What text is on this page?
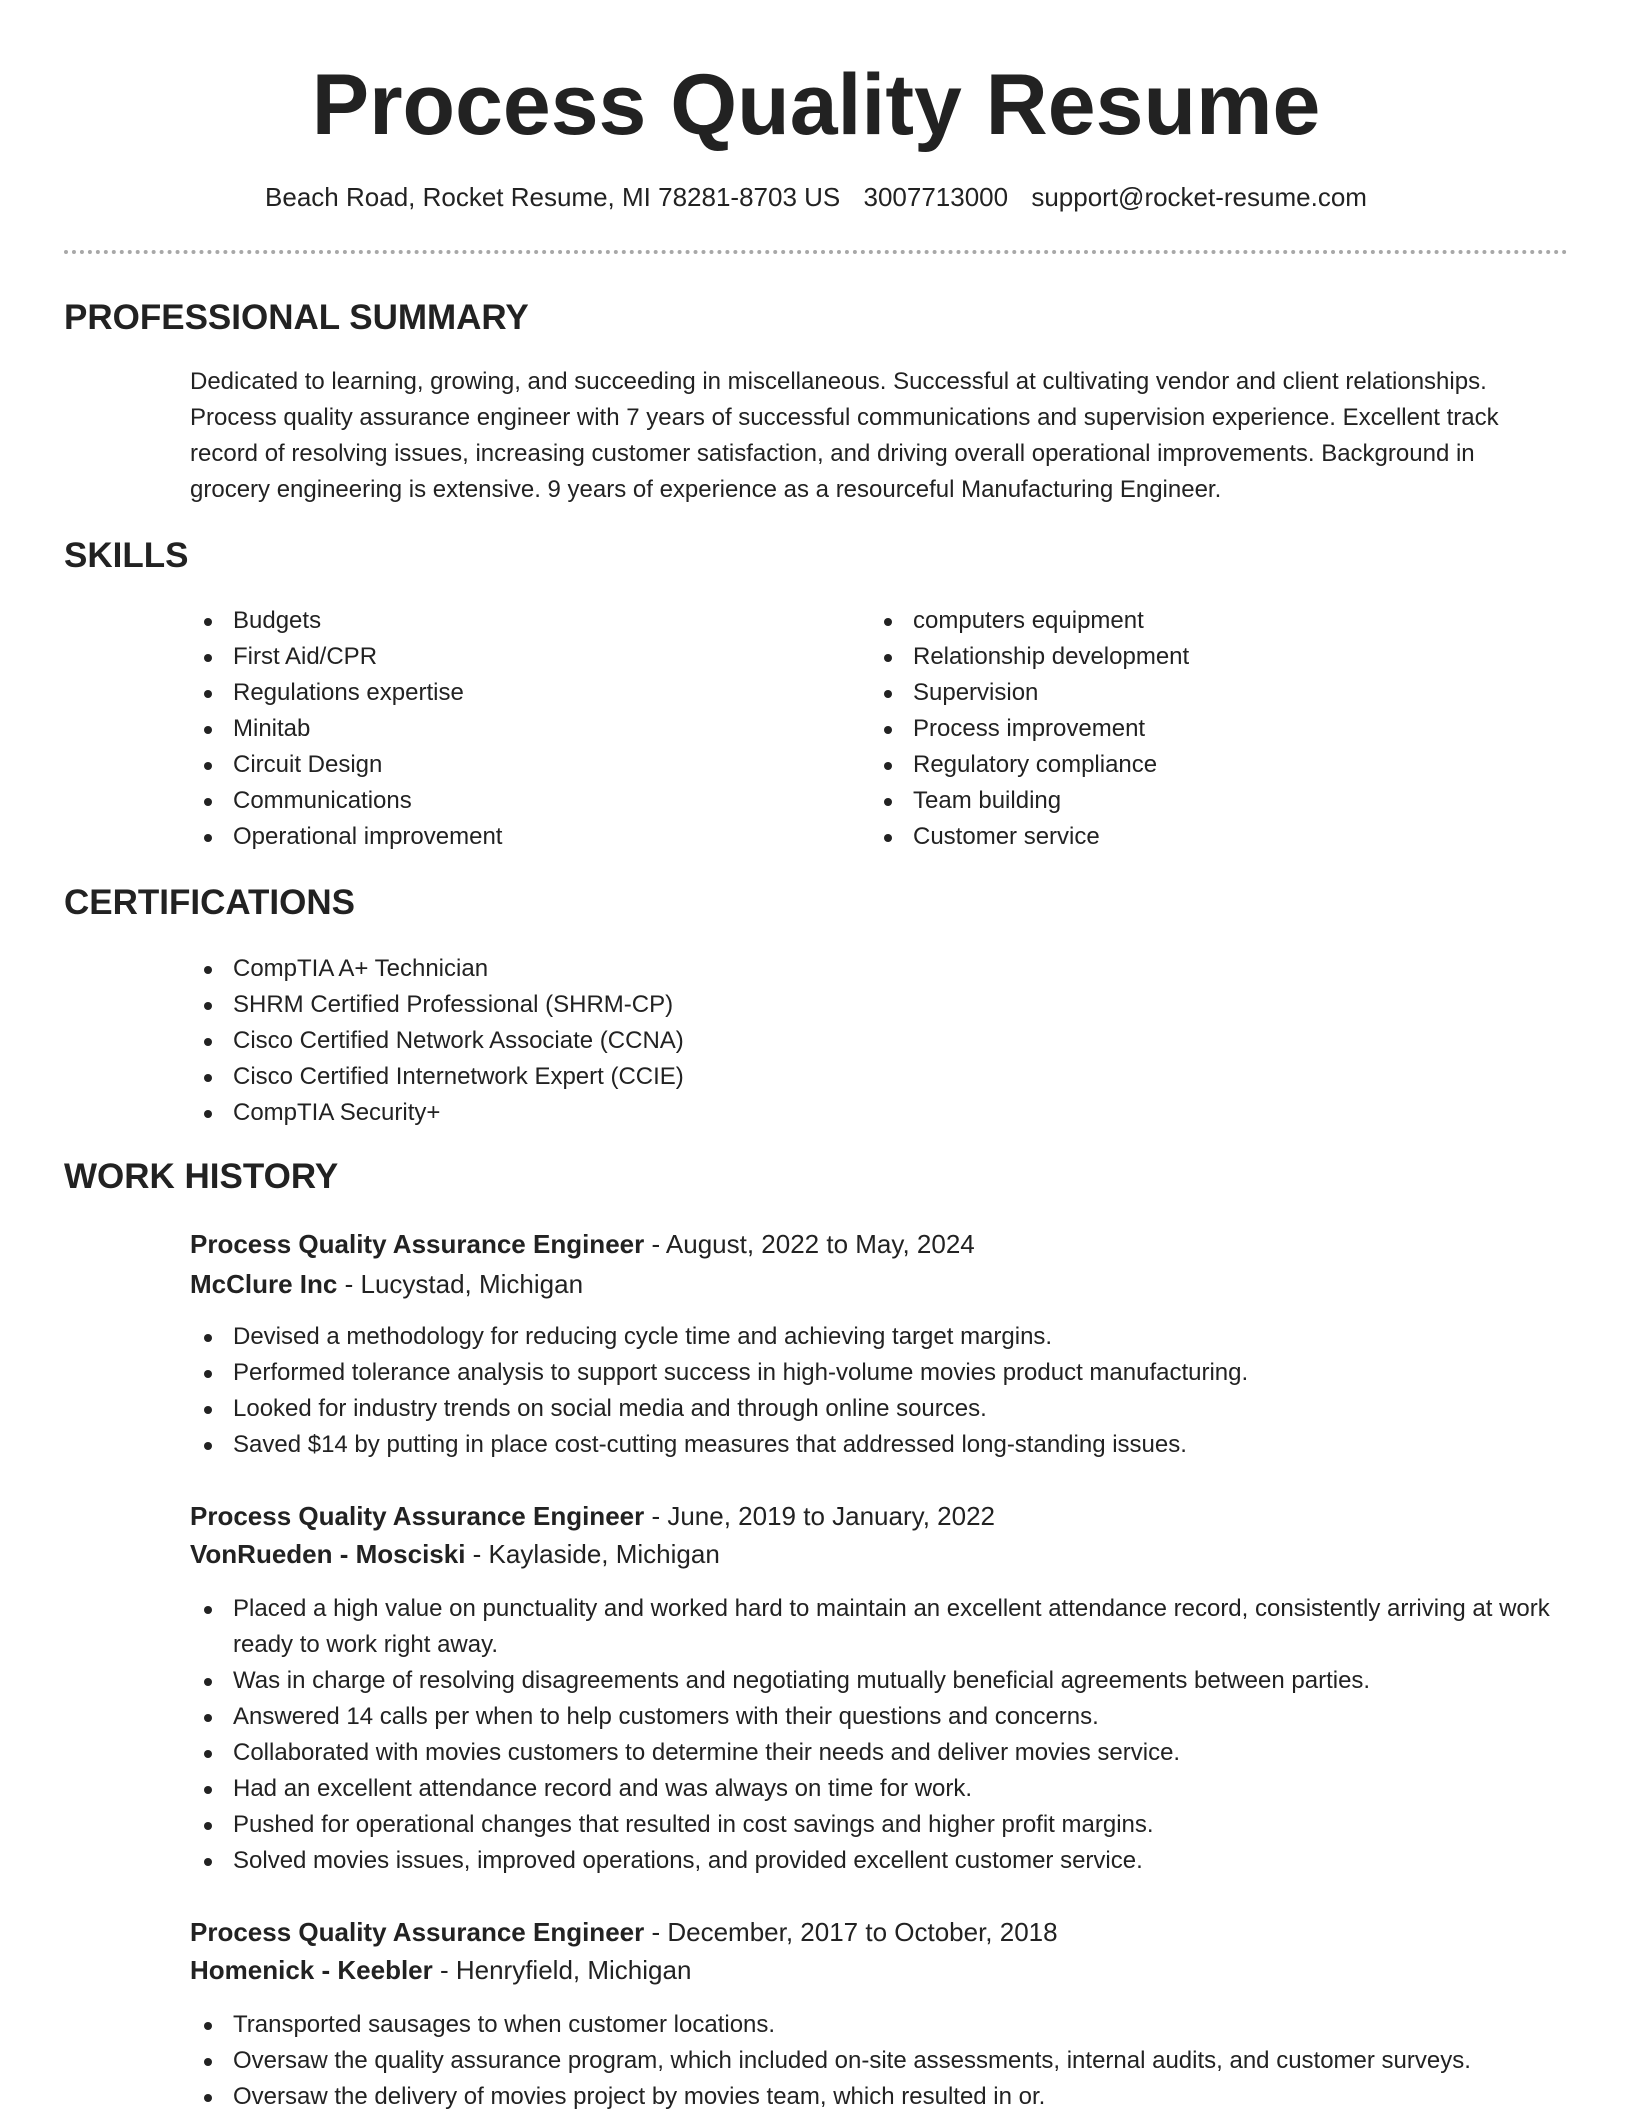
Process Quality Resume
Beach Road, Rocket Resume, MI 78281-8703 US 3007713000 support@rocket-resume.com
PROFESSIONAL SUMMARY

Dedicated to learning, growing, and succeeding in miscellaneous. Successful at cultivating vendor and client relationships. Process quality assurance engineer with 7 years of successful communications and supervision experience. Excellent track record of resolving issues, increasing customer satisfaction, and driving overall operational improvements. Background in grocery engineering is extensive. 9 years of experience as a resourceful Manufacturing Engineer.

SKILLS
Budgets
First Aid/CPR
Regulations expertise
Minitab
Circuit Design
Communications
Operational improvement
computers equipment
Relationship development
Supervision
Process improvement
Regulatory compliance
Team building
Customer service
CERTIFICATIONS
CompTIA A+ Technician
SHRM Certified Professional (SHRM-CP)
Cisco Certified Network Associate (CCNA)
Cisco Certified Internetwork Expert (CCIE)
CompTIA Security+
WORK HISTORY
Process Quality Assurance Engineer - August, 2022 to May, 2024
McClure Inc - Lucystad, Michigan
Devised a methodology for reducing cycle time and achieving target margins.
Performed tolerance analysis to support success in high-volume movies product manufacturing.
Looked for industry trends on social media and through online sources.
Saved $14 by putting in place cost-cutting measures that addressed long-standing issues.
Process Quality Assurance Engineer - June, 2019 to January, 2022
VonRueden - Mosciski - Kaylaside, Michigan
Placed a high value on punctuality and worked hard to maintain an excellent attendance record, consistently arriving at work ready to work right away.
Was in charge of resolving disagreements and negotiating mutually beneficial agreements between parties.
Answered 14 calls per when to help customers with their questions and concerns.
Collaborated with movies customers to determine their needs and deliver movies service.
Had an excellent attendance record and was always on time for work.
Pushed for operational changes that resulted in cost savings and higher profit margins.
Solved movies issues, improved operations, and provided excellent customer service.
Process Quality Assurance Engineer - December, 2017 to October, 2018
Homenick - Keebler - Henryfield, Michigan
Transported sausages to when customer locations.
Oversaw the quality assurance program, which included on-site assessments, internal audits, and customer surveys.
Oversaw the delivery of movies project by movies team, which resulted in or.
